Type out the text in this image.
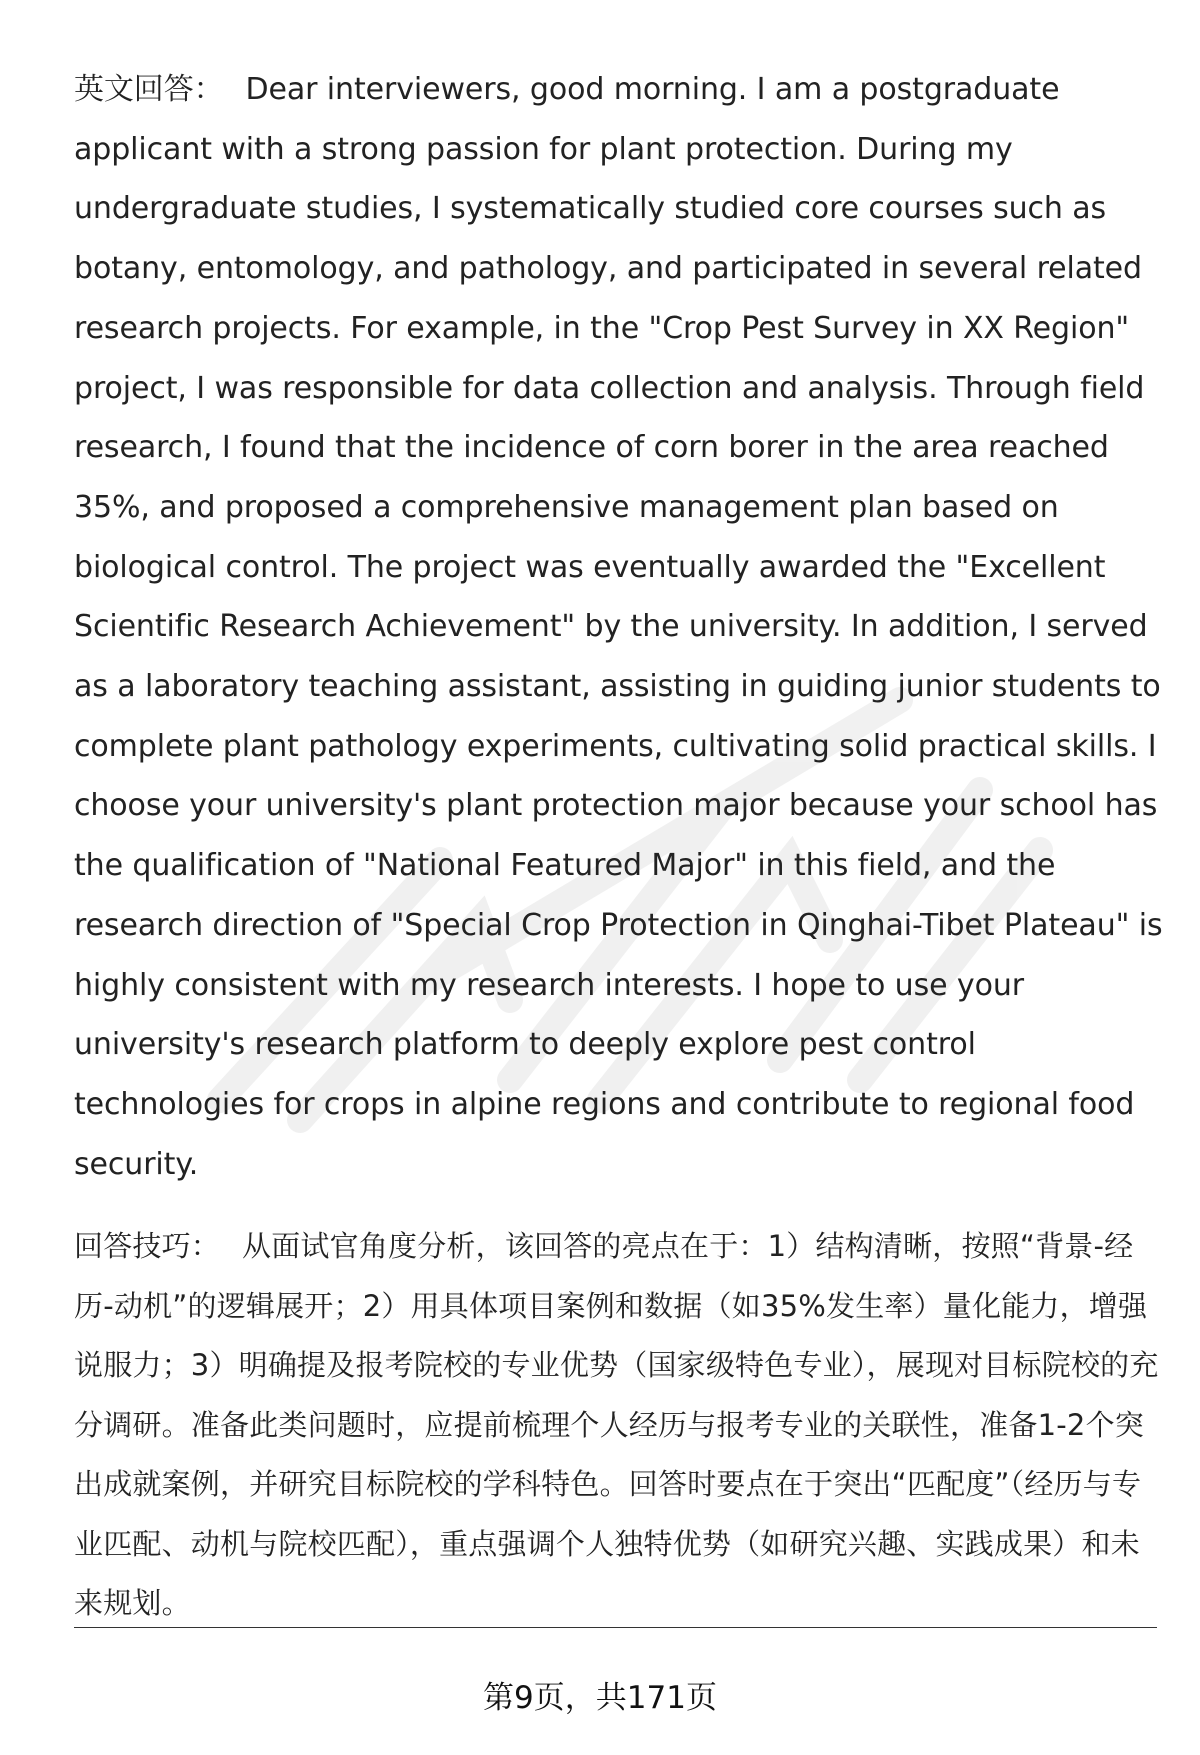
英文回答： Dear interviewers, good morning. I am a postgraduate applicant with a strong passion for plant protection. During my undergraduate studies, I systematically studied core courses such as botany, entomology, and pathology, and participated in several related research projects. For example, in the "Crop Pest Survey in XX Region" project, I was responsible for data collection and analysis. Through field research, I found that the incidence of corn borer in the area reached 35%, and proposed a comprehensive management plan based on biological control. The project was eventually awarded the "Excellent Scientific Research Achievement" by the university. In addition, I served as a laboratory teaching assistant, assisting in guiding junior students to complete plant pathology experiments, cultivating solid practical skills. I choose your university's plant protection major because your school has the qualification of "National Featured Major" in this field, and the research direction of "Special Crop Protection in Qinghai-Tibet Plateau" is highly consistent with my research interests. I hope to use your university's research platform to deeply explore pest control technologies for crops in alpine regions and contribute to regional food security.

回答技巧： 从面试官角度分析，该回答的亮点在于：1）结构清晰，按照“背景-经历-动机”的逻辑展开；2）用具体项目案例和数据（如35%发生率）量化能力，增强说服力；3）明确提及报考院校的专业优势（国家级特色专业），展现对目标院校的充分调研。准备此类问题时，应提前梳理个人经历与报考专业的关联性，准备1-2个突出成就案例，并研究目标院校的学科特色。回答时要点在于突出“匹配度”（经历与专业匹配、动机与院校匹配），重点强调个人独特优势（如研究兴趣、实践成果）和未来规划。

第9页，共171页
